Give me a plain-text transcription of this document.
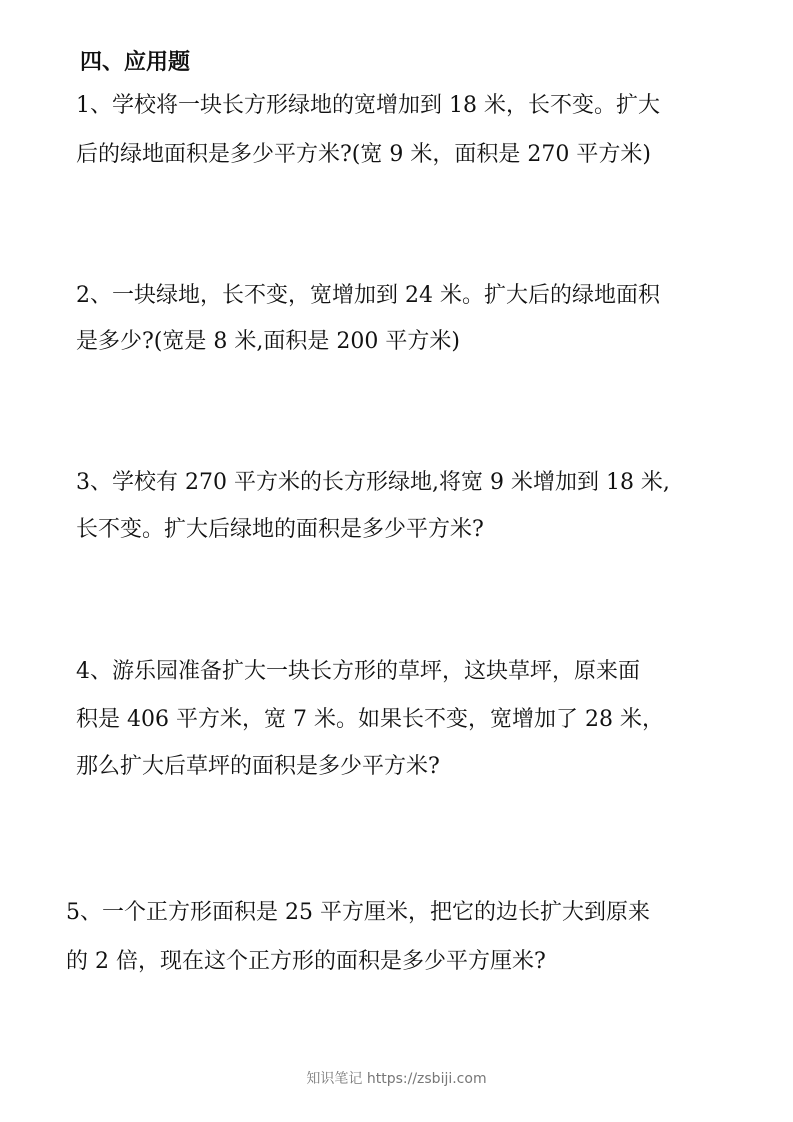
四、应用题
1、学校将一块长方形绿地的宽增加到 18 米，长不变。扩大
后的绿地面积是多少平方米?(宽 9 米，面积是 270 平方米)
2、一块绿地，长不变，宽增加到 24 米。扩大后的绿地面积
是多少?(宽是 8 米,面积是 200 平方米)
3、学校有 270 平方米的长方形绿地,将宽 9 米增加到 18 米,
长不变。扩大后绿地的面积是多少平方米?
4、游乐园准备扩大一块长方形的草坪，这块草坪，原来面
积是 406 平方米，宽 7 米。如果长不变，宽增加了 28 米，
那么扩大后草坪的面积是多少平方米?
5、一个正方形面积是 25 平方厘米，把它的边长扩大到原来
的 2 倍，现在这个正方形的面积是多少平方厘米?
知识笔记 https://zsbiji.com
